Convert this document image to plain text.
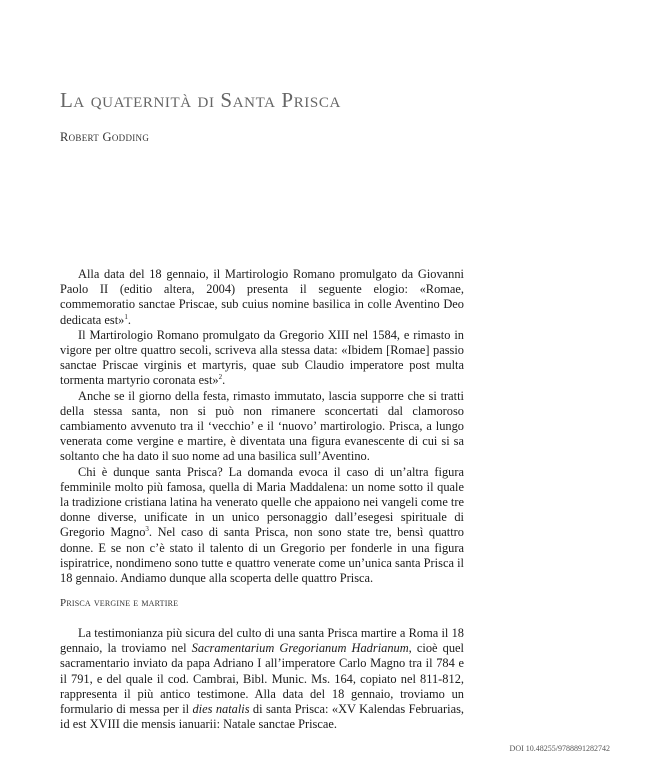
La quaternità di Santa Prisca
Robert Godding

Alla data del 18 gennaio, il Martirologio Romano promulgato da Giovanni Paolo II (editio altera, 2004) presenta il seguente elogio: «Romae, commemoratio sanctae Priscae, sub cuius nomine basilica in colle Aventino Deo dedicata est»$^1$.

Il Martirologio Romano promulgato da Gregorio XIII nel 1584, e rimasto in vigore per oltre quattro secoli, scriveva alla stessa data: «Ibidem [Romae] passio sanctae Priscae virginis et martyris, quae sub Claudio imperatore post multa tormenta martyrio coronata est»$^2$.

Anche se il giorno della festa, rimasto immutato, lascia supporre che si tratti della stessa santa, non si può non rimanere sconcertati dal clamoroso cambiamento avvenuto tra il ‘vecchio’ e il ‘nuovo’ martirologio. Prisca, a lungo venerata come vergine e martire, è diventata una figura evanescente di cui si sa soltanto che ha dato il suo nome ad una basilica sull’Aventino.

Chi è dunque santa Prisca? La domanda evoca il caso di un’altra figura femminile molto più famosa, quella di Maria Maddalena: un nome sotto il quale la tradizione cristiana latina ha venerato quelle che appaiono nei vangeli come tre donne diverse, unificate in un unico personaggio dall’esegesi spirituale di Gregorio Magno$^3$. Nel caso di santa Prisca, non sono state tre, bensì quattro donne. E se non c’è stato il talento di un Gregorio per fonderle in una figura ispiratrice, nondimeno sono tutte e quattro venerate come un’unica santa Prisca il 18 gennaio. Andiamo dunque alla scoperta delle quattro Prisca.

Prisca vergine e martire

La testimonianza più sicura del culto di una santa Prisca martire a Roma il 18 gennaio, la troviamo nel Sacramentarium Gregorianum Hadrianum, cioè quel sacramentario inviato da papa Adriano I all’imperatore Carlo Magno tra il 784 e il 791, e del quale il cod. Cambrai, Bibl. Munic. Ms. 164, copiato nel 811-812, rappresenta il più antico testimone. Alla data del 18 gennaio, troviamo un formulario di messa per il dies natalis di santa Prisca: «XV Kalendas Februarias, id est XVIII die mensis ianuarii: Natale sanctae Priscae.

DOI 10.48255/9788891282742
